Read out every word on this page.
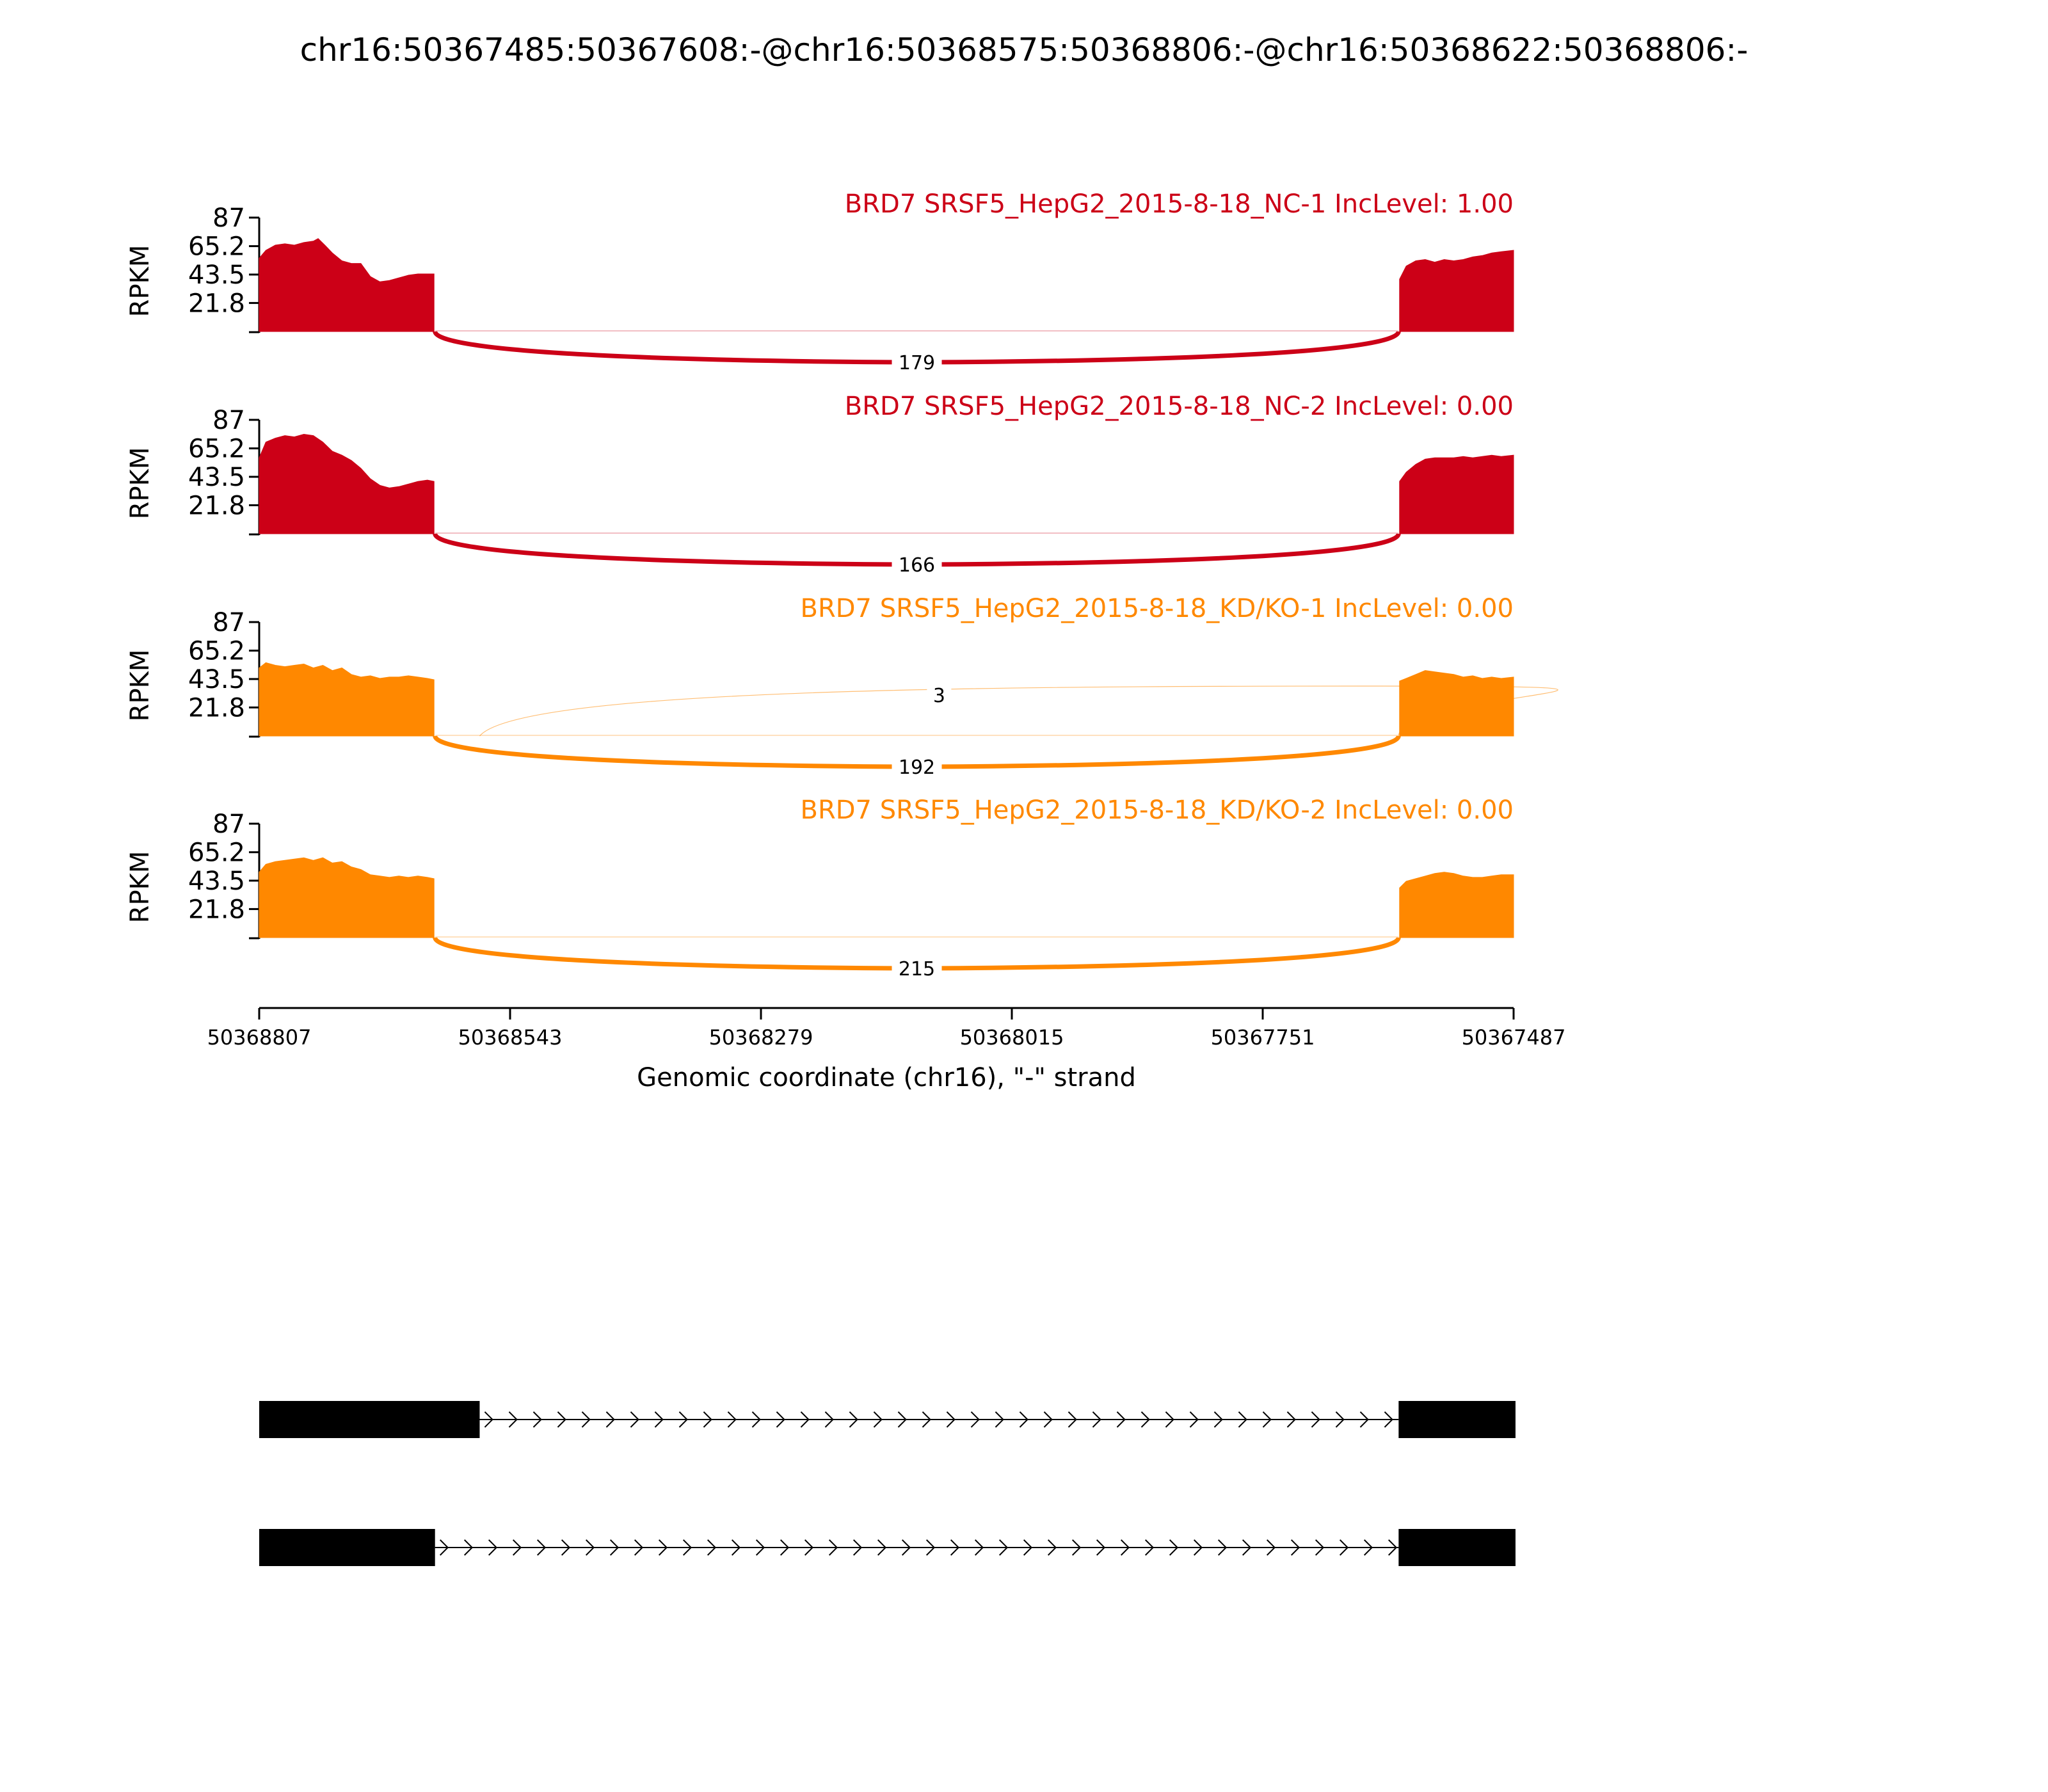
chr16:50367485:50367608:-@chr16:50368575:50368806:-@chr16:50368622:50368806:-
21.8
43.5
65.2
87
RPKM
BRD7 SRSF5_HepG2_2015-8-18_NC-1 IncLevel: 1.00
179
21.8
43.5
65.2
87
RPKM
BRD7 SRSF5_HepG2_2015-8-18_NC-2 IncLevel: 0.00
166
21.8
43.5
65.2
87
RPKM
BRD7 SRSF5_HepG2_2015-8-18_KD/KO-1 IncLevel: 0.00
3
192
21.8
43.5
65.2
87
RPKM
BRD7 SRSF5_HepG2_2015-8-18_KD/KO-2 IncLevel: 0.00
215
50368807	50368543	50368279	50368015	50367751	50367487
Genomic coordinate (chr16), "-" strand
